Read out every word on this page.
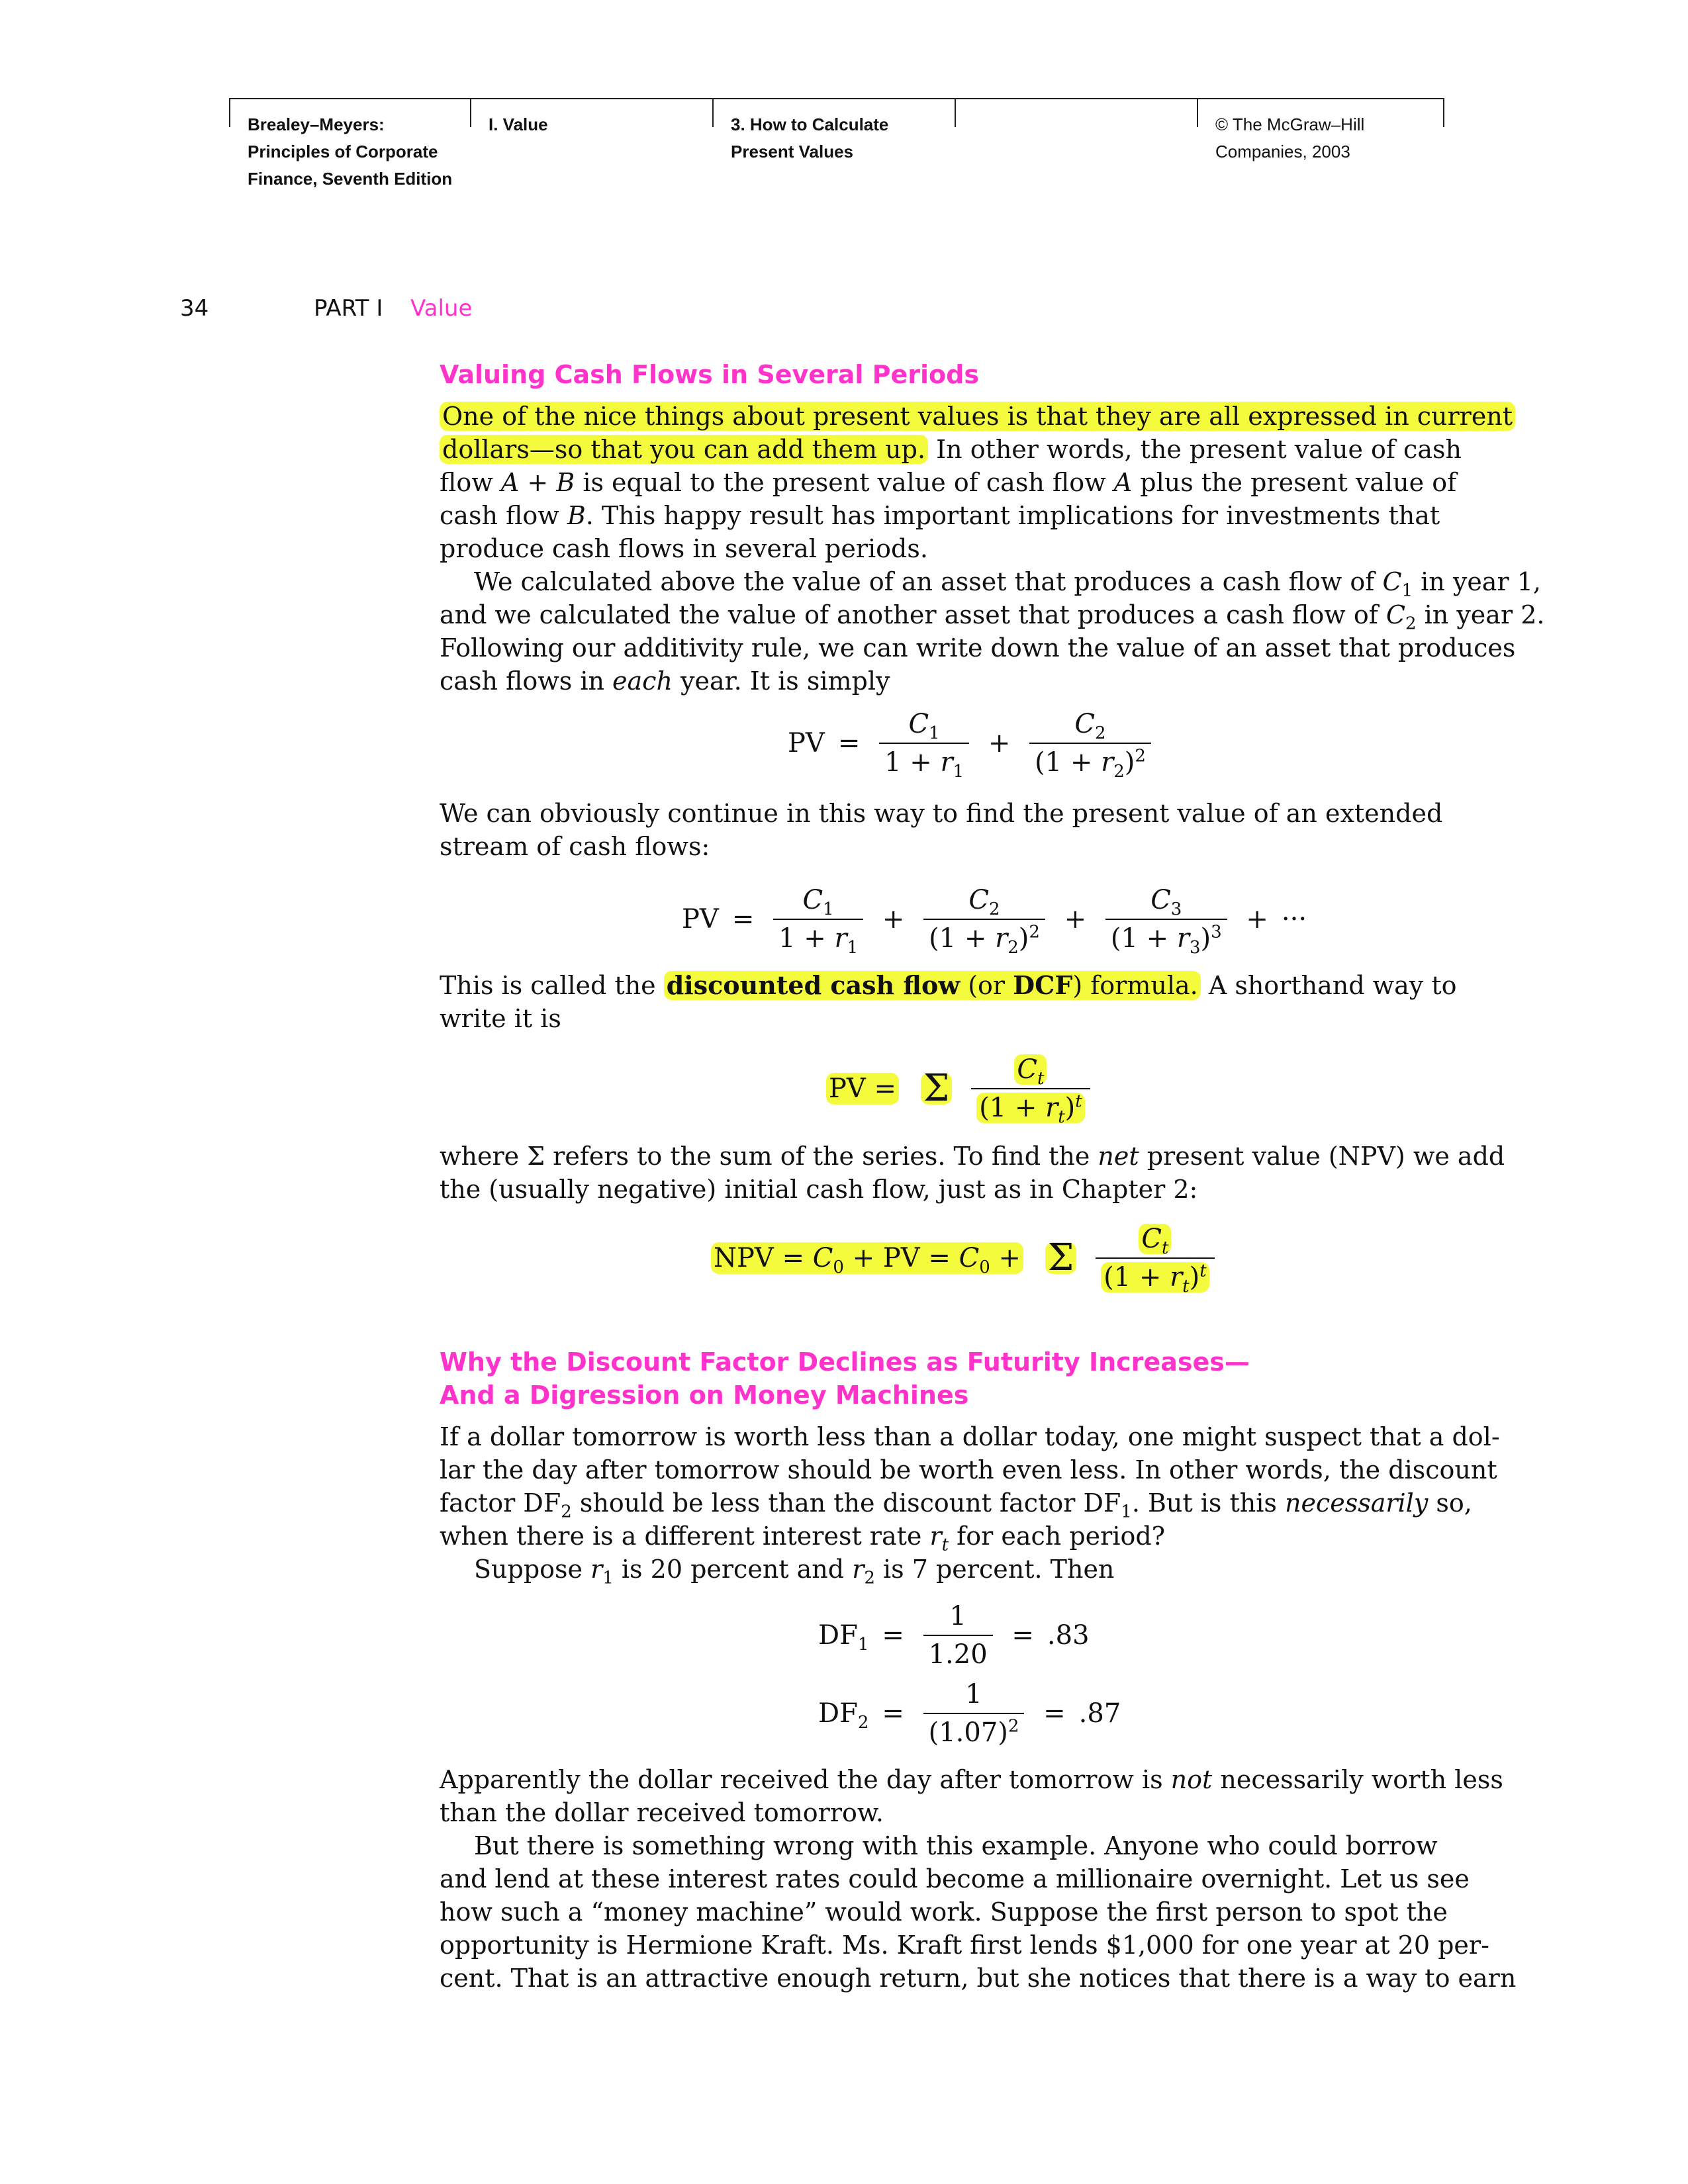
Brealey–Meyers:
Principles of Corporate
Finance, Seventh Edition
I. Value	3. How to Calculate
Present Values
© The McGraw–Hill
Companies, 2003
34	PART I Value
Valuing Cash Flows in Several Periods
One of the nice things about present values is that they are all expressed in current
dollars—so that you can add them up. In other words, the present value of cash
flow A + B is equal to the present value of cash flow A plus the present value of
cash flow B. This happy result has important implications for investments that
produce cash flows in several periods.
We calculated above the value of an asset that produces a cash flow of $C_1$ in year 1,
and we calculated the value of another asset that produces a cash flow of $C_2$ in year 2.
Following our additivity rule, we can write down the value of an asset that produces
cash flows in each year. It is simply
PV = $\frac{C_1}{1 + r_1} + \frac{C_2}{(1 + r_2)^2}$
We can obviously continue in this way to find the present value of an extended
stream of cash flows:
PV = $\frac{C_1}{1 + r_1} + \frac{C_2}{(1 + r_2)^2} + \frac{C_3}{(1 + r_3)^3}$ + ···
This is called the discounted cash flow (or DCF) formula. A shorthand way to
write it is
PV = Σ $\frac{C_t}{(1 + r_t)^t}$
where Σ refers to the sum of the series. To find the net present value (NPV) we add
the (usually negative) initial cash flow, just as in Chapter 2:
NPV = $C_0$ + PV = $C_0 + \Sigma \frac{C_t}{(1 + r_t)^t}$
Why the Discount Factor Declines as Futurity Increases—
And a Digression on Money Machines
If a dollar tomorrow is worth less than a dollar today, one might suspect that a dol-
lar the day after tomorrow should be worth even less. In other words, the discount
factor $DF_2$ should be less than the discount factor $DF_1$. But is this necessarily so,
when there is a different interest rate $r_t$ for each period?
Suppose $r_1$ is 20 percent and $r_2$ is 7 percent. Then
$DF_1 = \frac{1}{1.20} = .83$
$DF_2 = \frac{1}{(1.07)^2} = .87$
Apparently the dollar received the day after tomorrow is not necessarily worth less
than the dollar received tomorrow.
But there is something wrong with this example. Anyone who could borrow
and lend at these interest rates could become a millionaire overnight. Let us see
how such a “money machine” would work. Suppose the first person to spot the
opportunity is Hermione Kraft. Ms. Kraft first lends $1,000 for one year at 20 per-
cent. That is an attractive enough return, but she notices that there is a way to earn
